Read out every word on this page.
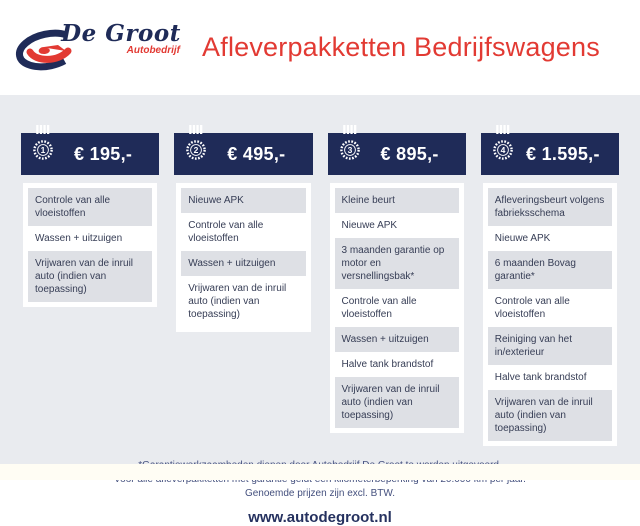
De Groot
Autobedrijf Afleverpakketten Bedrijfswagens
1	€ 195,-
Controle van alle vloeistoffen
Wassen + uitzuigen
Vrijwaren van de inruil auto (indien van toepassing)
2	€ 495,-
Nieuwe APK
Controle van alle vloeistoffen
Wassen + uitzuigen
Vrijwaren van de inruil auto (indien van toepassing)
3	€ 895,-
Kleine beurt
Nieuwe APK
3 maanden garantie op motor en versnellingsbak*
Controle van alle vloeistoffen
Wassen + uitzuigen
Halve tank brandstof
Vrijwaren van de inruil auto (indien van toepassing)
4	€ 1.595,-
Afleveringsbeurt volgens fabrieksschema
Nieuwe APK
6 maanden Bovag garantie*
Controle van alle vloeistoffen
Reiniging van het in/exterieur
Halve tank brandstof
Vrijwaren van de inruil auto (indien van toepassing)
Genoemde prijzen zijn excl. BTW.
www.autodegroot.nl
